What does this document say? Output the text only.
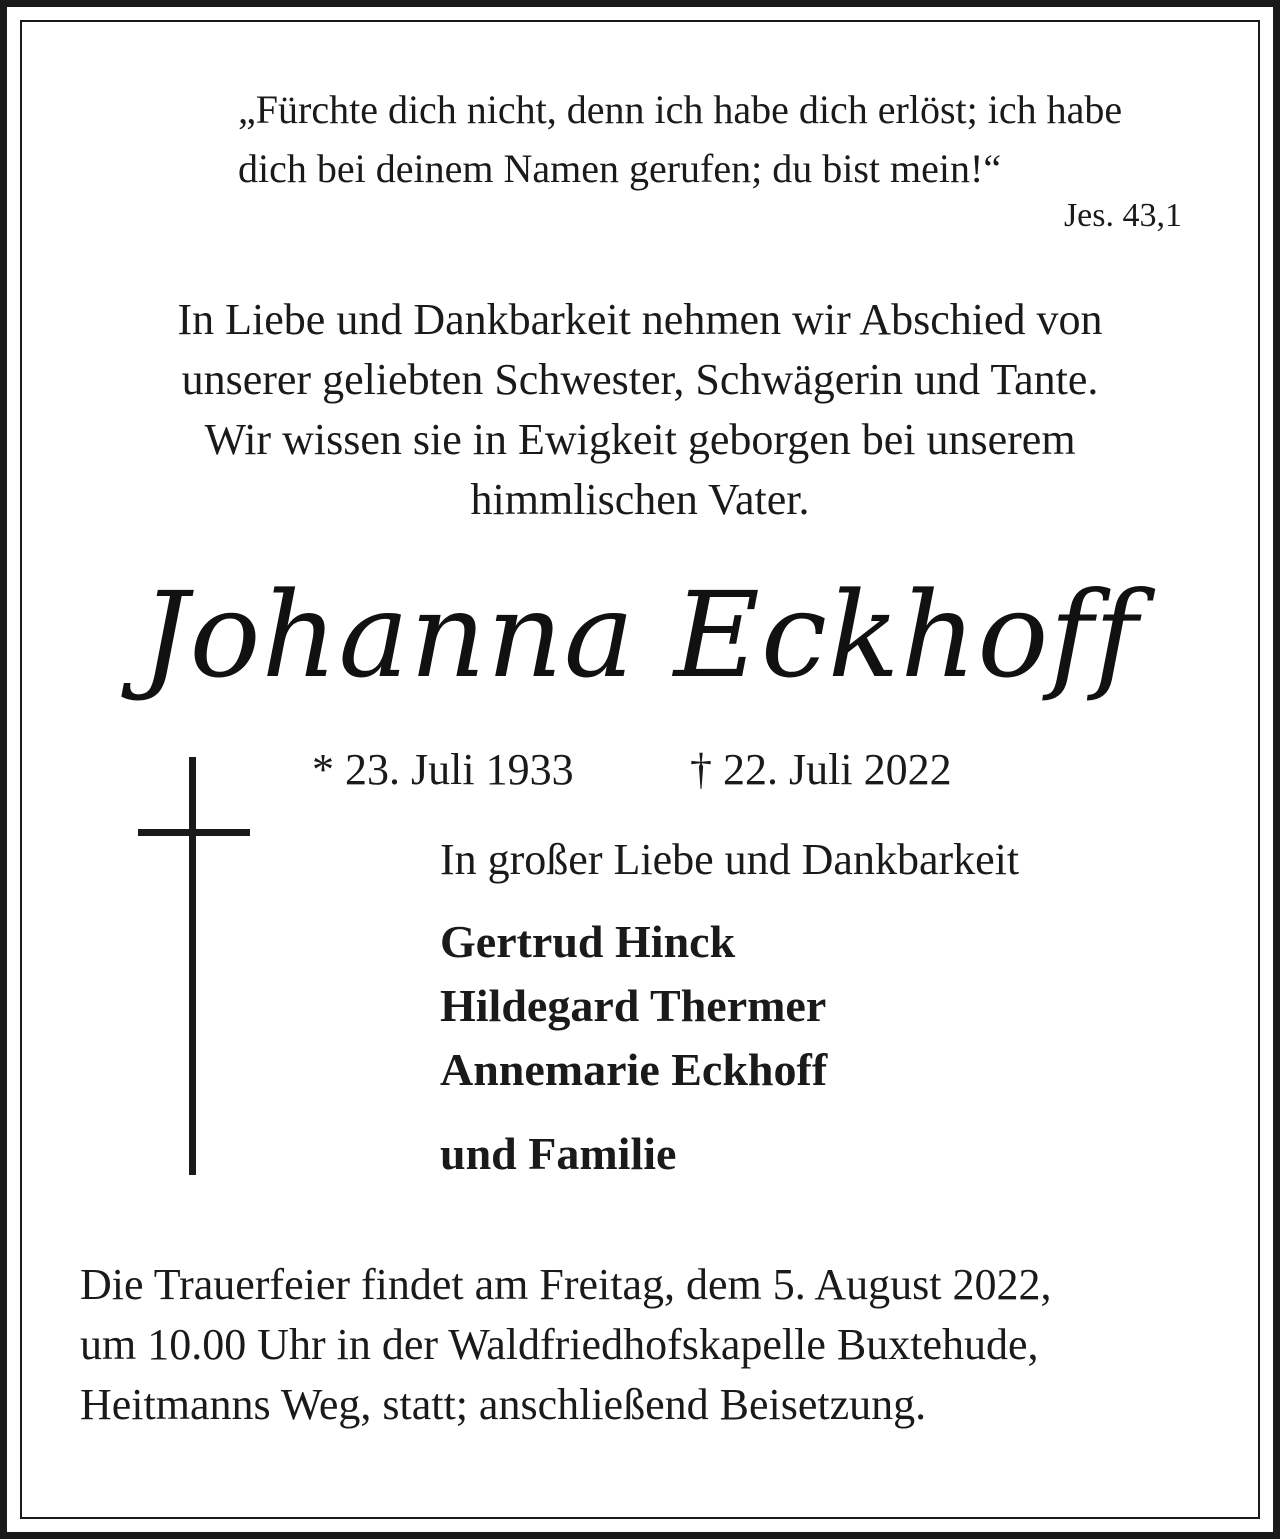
„Fürchte dich nicht, denn ich habe dich erlöst; ich habe
dich bei deinem Namen gerufen; du bist mein!“
Jes. 43,1
In Liebe und Dankbarkeit nehmen wir Abschied von
unserer geliebten Schwester, Schwägerin und Tante.
Wir wissen sie in Ewigkeit geborgen bei unserem
himmlischen Vater.
Johanna Eckhoff
* 23. Juli 1933	† 22. Juli 2022
In großer Liebe und Dankbarkeit
Gertrud Hinck
Hildegard Thermer
Annemarie Eckhoff
und Familie
Die Trauerfeier findet am Freitag, dem 5. August 2022,
um 10.00 Uhr in der Waldfriedhofskapelle Buxtehude,
Heitmanns Weg, statt; anschließend Beisetzung.
